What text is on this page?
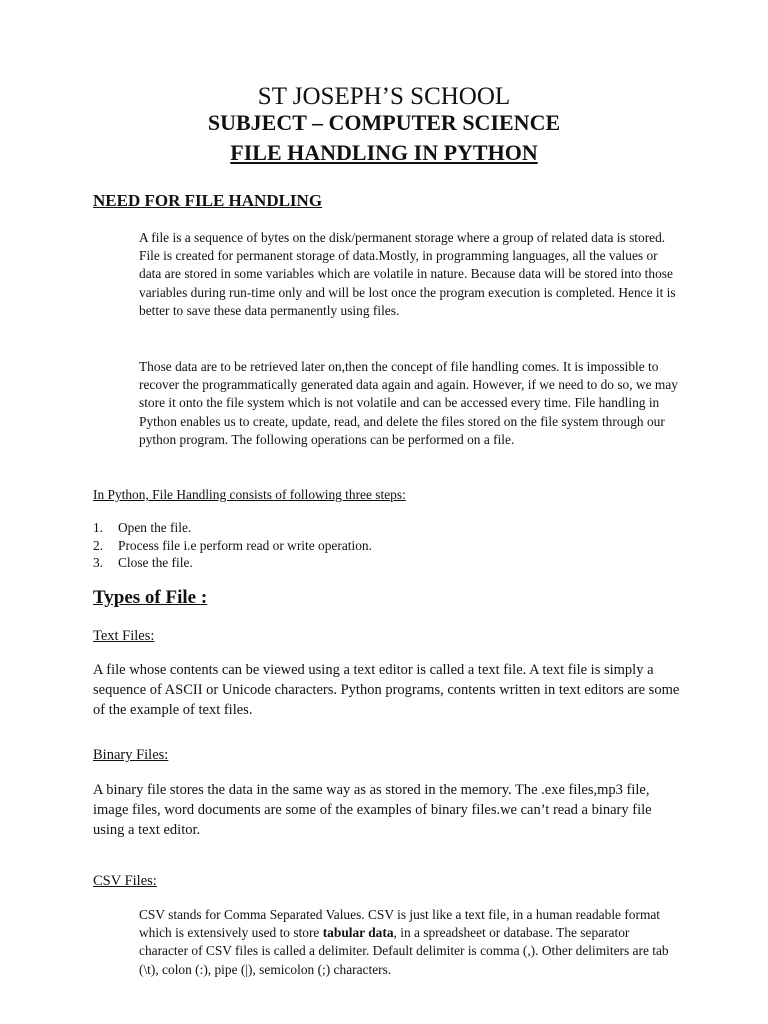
ST JOSEPH’S SCHOOL
SUBJECT – COMPUTER SCIENCE
FILE HANDLING IN PYTHON
NEED FOR FILE HANDLING
A file is a sequence of bytes on the disk/permanent storage where a group of related data is stored. File is created for permanent storage of data.Mostly, in programming languages, all the values or data are stored in some variables which are volatile in nature. Because data will be stored into those variables during run-time only and will be lost once the program execution is completed. Hence it is better to save these data permanently using files.
Those data are to be retrieved later on,then the concept of file handling comes. It is impossible to recover the programmatically generated data again and again. However, if we need to do so, we may store it onto the file system which is not volatile and can be accessed every time. File handling in Python enables us to create, update, read, and delete the files stored on the file system through our python program. The following operations can be performed on a file.
In Python, File Handling consists of following three steps:
1.	Open the file.
2.	Process file i.e perform read or write operation.
3.	Close the file.
Types of File :
Text Files:
A file whose contents can be viewed using a text editor is called a text file. A text file is simply a sequence of ASCII or Unicode characters. Python programs, contents written in text editors are some of the example of text files.
Binary Files:
A binary file stores the data in the same way as as stored in the memory. The .exe files,mp3 file, image files, word documents are some of the examples of binary files.we can’t read a binary file using a text editor.
CSV Files:
CSV stands for Comma Separated Values. CSV is just like a text file, in a human readable format which is extensively used to store tabular data, in a spreadsheet or database. The separator character of CSV files is called a delimiter. Default delimiter is comma (,). Other delimiters are tab (\t), colon (:), pipe (|), semicolon (;) characters.
